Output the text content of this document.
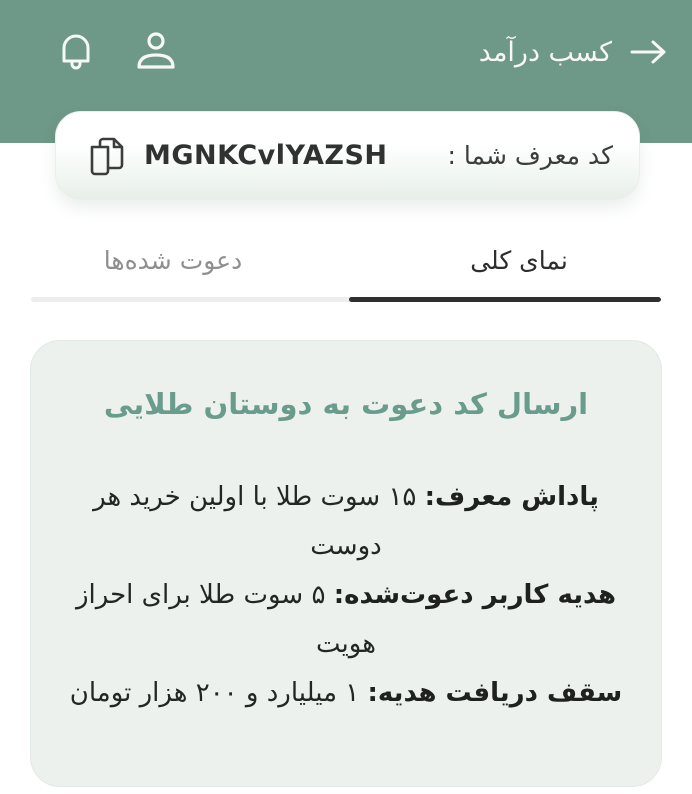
کسب درآمد
MGNKCvlYAZSH کد معرف شما :
نمای کلی
دعوت شده‌ها
ارسال کد دعوت به دوستان طلایی
پاداش معرف: ۱۵ سوت طلا با اولین خرید هر دوست
هدیه کاربر دعوت‌شده: ۵ سوت طلا برای احراز هویت
سقف دریافت هدیه: ۱ میلیارد و ۲۰۰ هزار تومان
